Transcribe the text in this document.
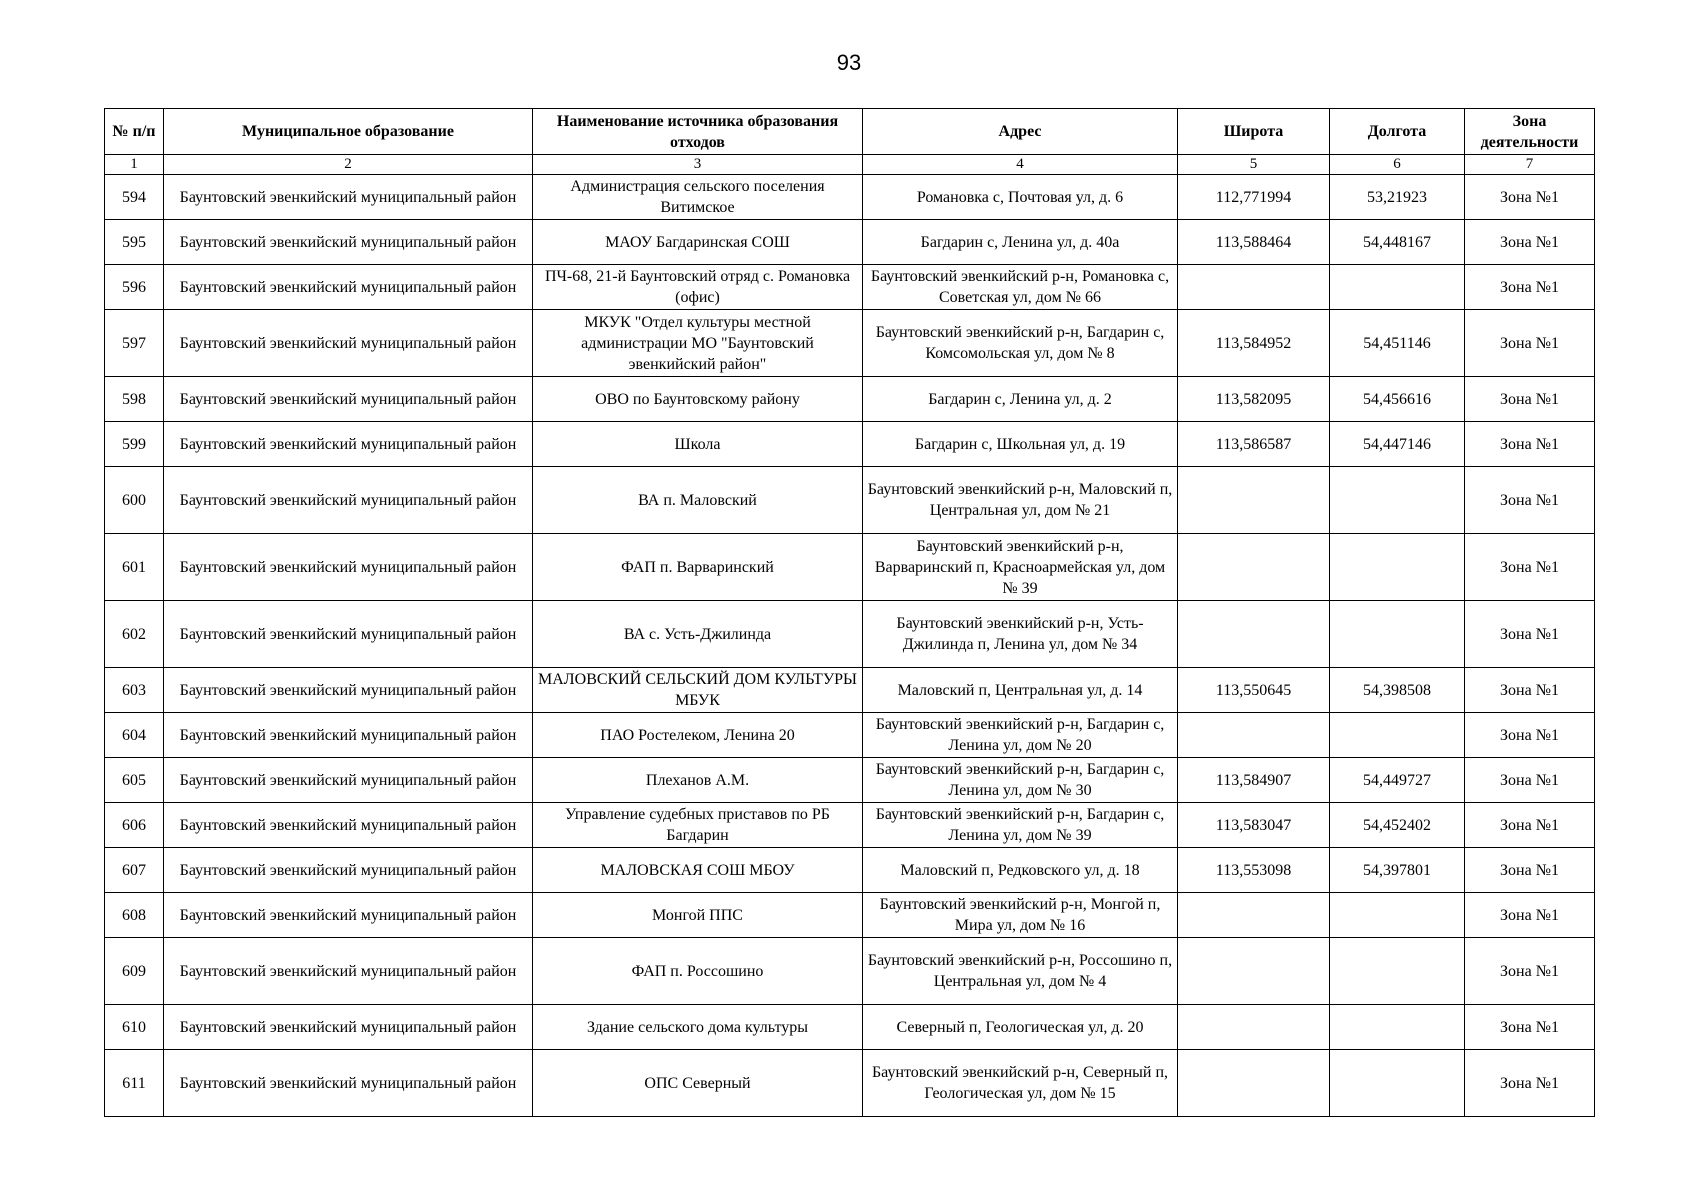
93
№ п/п	Муниципальное образование	Наименование источника образования отходов	Адрес	Широта	Долгота	Зона деятельности
1	2	3	4	5	6	7
594	Баунтовский эвенкийский муниципальный район	Администрация сельского поселения Витимское	Романовка с, Почтовая ул, д. 6	112,771994	53,21923	Зона №1
595	Баунтовский эвенкийский муниципальный район	МАОУ Багдаринская СОШ	Багдарин с, Ленина ул, д. 40а	113,588464	54,448167	Зона №1
596	Баунтовский эвенкийский муниципальный район	ПЧ-68, 21-й Баунтовский отряд с. Романовка (офис)	Баунтовский эвенкийский р-н, Романовка с, Советская ул, дом № 66			Зона №1
597	Баунтовский эвенкийский муниципальный район	МКУК "Отдел культуры местной администрации МО "Баунтовский эвенкийский район"	Баунтовский эвенкийский р-н, Багдарин с, Комсомольская ул, дом № 8	113,584952	54,451146	Зона №1
598	Баунтовский эвенкийский муниципальный район	ОВО по Баунтовскому району	Багдарин с, Ленина ул, д. 2	113,582095	54,456616	Зона №1
599	Баунтовский эвенкийский муниципальный район	Школа	Багдарин с, Школьная ул, д. 19	113,586587	54,447146	Зона №1
600	Баунтовский эвенкийский муниципальный район	ВА п. Маловский	Баунтовский эвенкийский р-н, Маловский п, Центральная ул, дом № 21			Зона №1
601	Баунтовский эвенкийский муниципальный район	ФАП п. Варваринский	Баунтовский эвенкийский р-н, Варваринский п, Красноармейская ул, дом № 39			Зона №1
602	Баунтовский эвенкийский муниципальный район	ВА с. Усть-Джилинда	Баунтовский эвенкийский р-н, Усть-Джилинда п, Ленина ул, дом № 34			Зона №1
603	Баунтовский эвенкийский муниципальный район	МАЛОВСКИЙ СЕЛЬСКИЙ ДОМ КУЛЬТУРЫ МБУК	Маловский п, Центральная ул, д. 14	113,550645	54,398508	Зона №1
604	Баунтовский эвенкийский муниципальный район	ПАО Ростелеком, Ленина 20	Баунтовский эвенкийский р-н, Багдарин с, Ленина ул, дом № 20			Зона №1
605	Баунтовский эвенкийский муниципальный район	Плеханов А.М.	Баунтовский эвенкийский р-н, Багдарин с, Ленина ул, дом № 30	113,584907	54,449727	Зона №1
606	Баунтовский эвенкийский муниципальный район	Управление судебных приставов по РБ Багдарин	Баунтовский эвенкийский р-н, Багдарин с, Ленина ул, дом № 39	113,583047	54,452402	Зона №1
607	Баунтовский эвенкийский муниципальный район	МАЛОВСКАЯ СОШ МБОУ	Маловский п, Редковского ул, д. 18	113,553098	54,397801	Зона №1
608	Баунтовский эвенкийский муниципальный район	Монгой ППС	Баунтовский эвенкийский р-н, Монгой п, Мира ул, дом № 16			Зона №1
609	Баунтовский эвенкийский муниципальный район	ФАП п. Россошино	Баунтовский эвенкийский р-н, Россошино п, Центральная ул, дом № 4			Зона №1
610	Баунтовский эвенкийский муниципальный район	Здание сельского дома культуры	Северный п, Геологическая ул, д. 20			Зона №1
611	Баунтовский эвенкийский муниципальный район	ОПС Северный	Баунтовский эвенкийский р-н, Северный п, Геологическая ул, дом № 15			Зона №1
